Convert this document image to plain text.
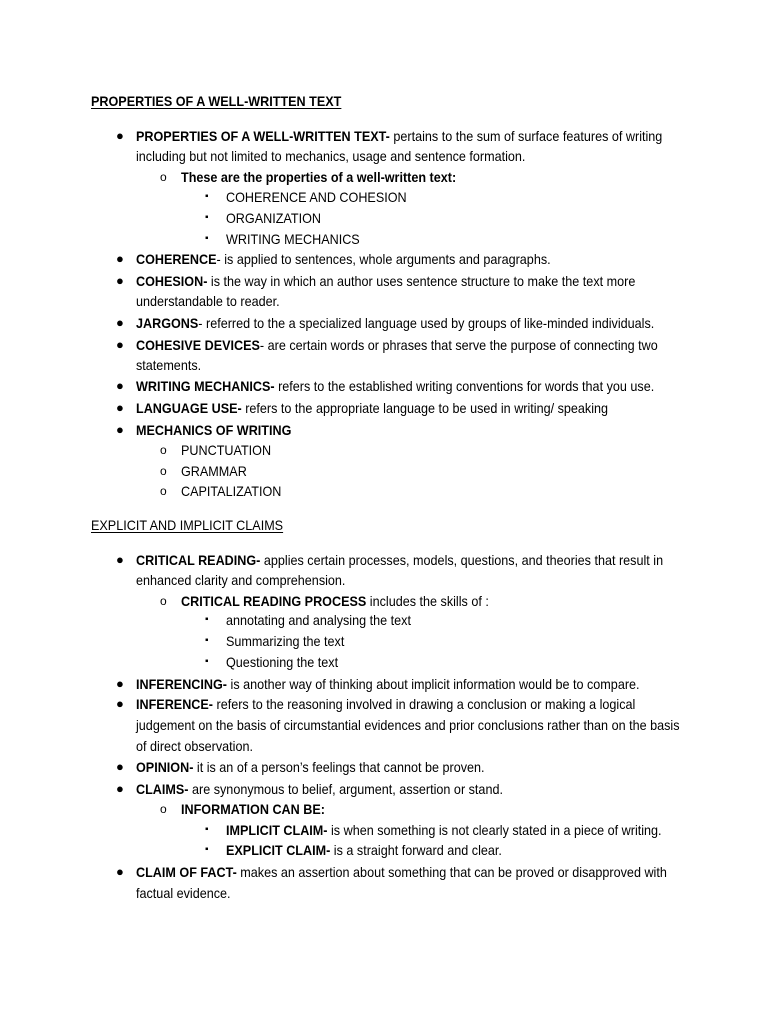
PROPERTIES OF A WELL-WRITTEN TEXT
● PROPERTIES OF A WELL-WRITTEN TEXT- pertains to the sum of surface features of writing
including but not limited to mechanics, usage and sentence formation.
o These are the properties of a well-written text:
▪ COHERENCE AND COHESION
▪ ORGANIZATION
▪ WRITING MECHANICS
● COHERENCE- is applied to sentences, whole arguments and paragraphs.
● COHESION- is the way in which an author uses sentence structure to make the text more
understandable to reader.
● JARGONS- referred to the a specialized language used by groups of like-minded individuals.
● COHESIVE DEVICES- are certain words or phrases that serve the purpose of connecting two
statements.
● WRITING MECHANICS- refers to the established writing conventions for words that you use.
● LANGUAGE USE- refers to the appropriate language to be used in writing/ speaking
● MECHANICS OF WRITING
o PUNCTUATION
o GRAMMAR
o CAPITALIZATION
EXPLICIT AND IMPLICIT CLAIMS
● CRITICAL READING- applies certain processes, models, questions, and theories that result in
enhanced clarity and comprehension.
o CRITICAL READING PROCESS includes the skills of :
▪ annotating and analysing the text
▪ Summarizing the text
▪ Questioning the text
● INFERENCING- is another way of thinking about implicit information would be to compare.
● INFERENCE- refers to the reasoning involved in drawing a conclusion or making a logical
judgement on the basis of circumstantial evidences and prior conclusions rather than on the basis
of direct observation.
● OPINION- it is an of a person’s feelings that cannot be proven.
● CLAIMS- are synonymous to belief, argument, assertion or stand.
o INFORMATION CAN BE:
▪ IMPLICIT CLAIM- is when something is not clearly stated in a piece of writing.
▪ EXPLICIT CLAIM- is a straight forward and clear.
● CLAIM OF FACT- makes an assertion about something that can be proved or disapproved with
factual evidence.
